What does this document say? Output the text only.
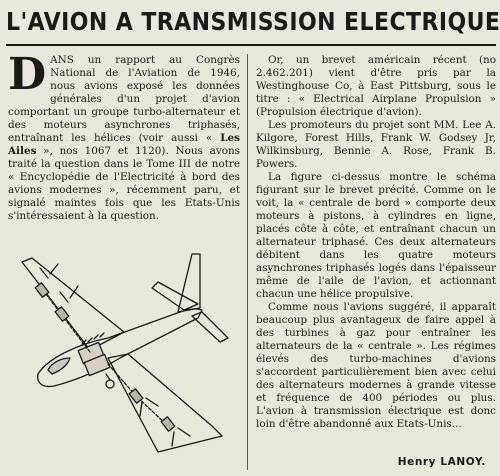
L'AVION A TRANSMISSION ELECTRIQUE

DANS un rapport au Congrès National de l'Aviation de 1946, nous avions exposé les données générales d'un projet d'avion comportant un groupe turbo-alternateur et des moteurs asynchrones triphasés, entraînant les hélices (voir aussi « Les Ailes », nos 1067 et 1120). Nous avons traité la question dans le Tome III de notre « Encyclopédie de l'Electricité à bord des avions modernes », récemment paru, et signalé maintes fois que les Etats-Unis s'intéressaient à la question.

Or, un brevet américain récent (no 2.462.201) vient d'être pris par la Westinghouse Co, à East Pittsburg, sous le titre : « Electrical Airplane Propulsion » (Propulsion électrique d'avion).

Les promoteurs du projet sont MM. Lee A. Kilgore, Forest Hills, Frank W. Godsey Jr, Wilkinsburg, Bennie A. Rose, Frank B. Powers.

La figure ci-dessus montre le schéma figurant sur le brevet précité. Comme on le voit, la « centrale de bord » comporte deux moteurs à pistons, à cylindres en ligne, placés côte à côte, et entraînant chacun un alternateur triphasé. Ces deux alternateurs débitent dans les quatre moteurs asynchrones triphasés logés dans l'épaisseur même de l'aile de l'avion, et actionnant chacun une hélice propulsive.

Comme nous l'avions suggéré, il apparaît beaucoup plus avantageux de faire appel à des turbines à gaz pour entraîner les alternateurs de la « centrale ». Les régimes élevés des turbo-machines d'avions s'accordent particulièrement bien avec celui des alternateurs modernes à grande vitesse et fréquence de 400 périodes ou plus. L'avion à transmission électrique est donc loin d'être abandonné aux Etats-Unis...

Henry LANOY.
